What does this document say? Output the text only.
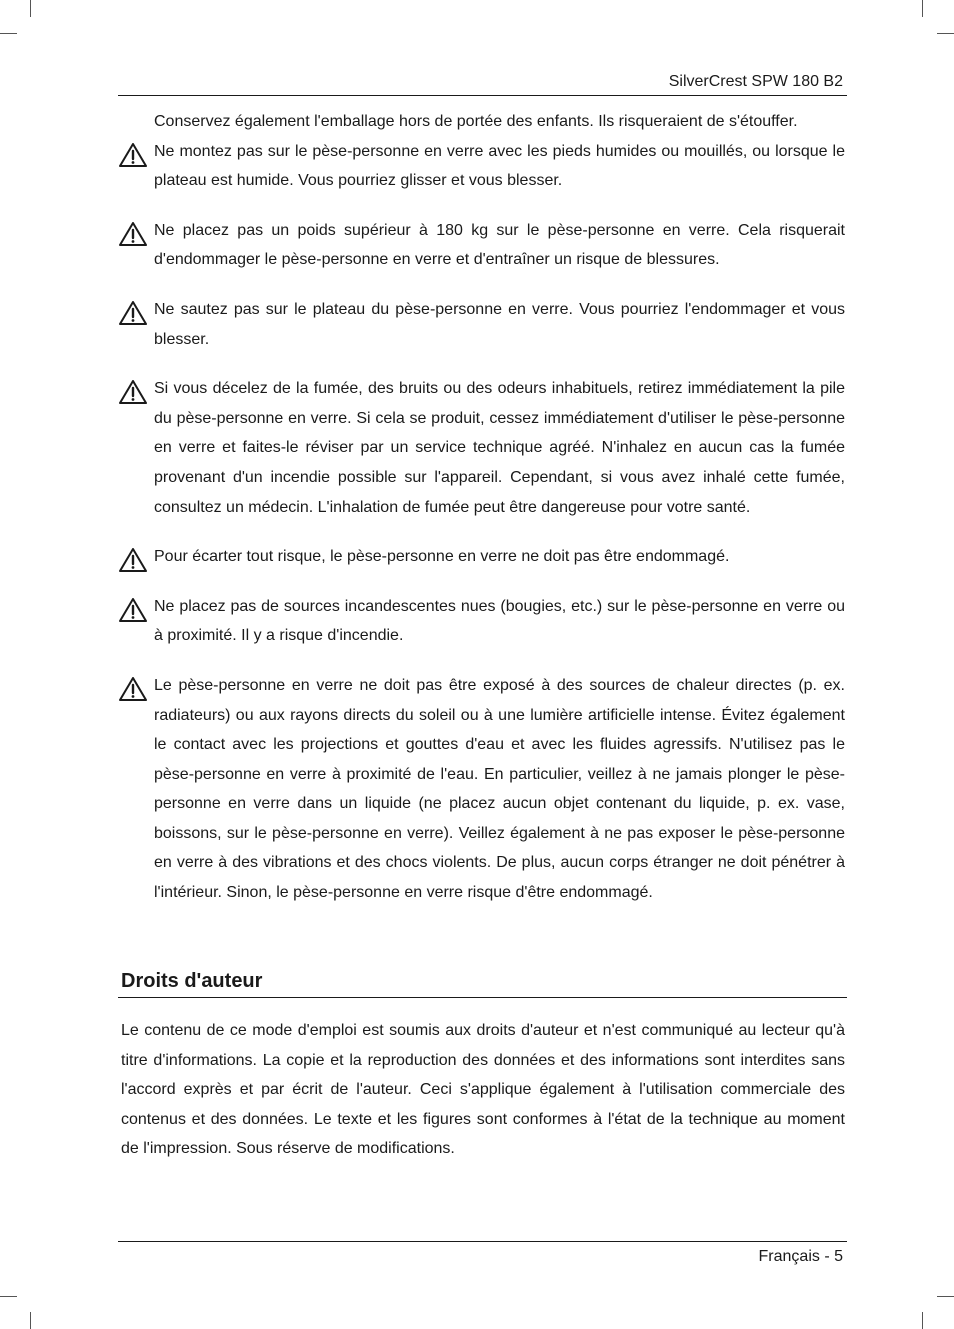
SilverCrest SPW 180 B2

Conservez également l'emballage hors de portée des enfants. Ils risqueraient de s'étouffer.

Ne montez pas sur le pèse-personne en verre avec les pieds humides ou mouillés, ou lorsque le plateau est humide. Vous pourriez glisser et vous blesser.

Ne placez pas un poids supérieur à 180 kg sur le pèse-personne en verre. Cela risquerait d'endommager le pèse-personne en verre et d'entraîner un risque de blessures.

Ne sautez pas sur le plateau du pèse-personne en verre. Vous pourriez l'endommager et vous blesser.

Si vous décelez de la fumée, des bruits ou des odeurs inhabituels, retirez immédiatement la pile du pèse-personne en verre. Si cela se produit, cessez immédiatement d'utiliser le pèse-personne en verre et faites-le réviser par un service technique agréé. N'inhalez en aucun cas la fumée provenant d'un incendie possible sur l'appareil. Cependant, si vous avez inhalé cette fumée, consultez un médecin. L'inhalation de fumée peut être dangereuse pour votre santé.

Pour écarter tout risque, le pèse-personne en verre ne doit pas être endommagé.

Ne placez pas de sources incandescentes nues (bougies, etc.) sur le pèse-personne en verre ou à proximité. Il y a risque d'incendie.

Le pèse-personne en verre ne doit pas être exposé à des sources de chaleur directes (p. ex. radiateurs) ou aux rayons directs du soleil ou à une lumière artificielle intense. Évitez également le contact avec les projections et gouttes d'eau et avec les fluides agressifs. N'utilisez pas le pèse-personne en verre à proximité de l'eau. En particulier, veillez à ne jamais plonger le pèse-personne en verre dans un liquide (ne placez aucun objet contenant du liquide, p. ex. vase, boissons, sur le pèse-personne en verre). Veillez également à ne pas exposer le pèse-personne en verre à des vibrations et des chocs violents. De plus, aucun corps étranger ne doit pénétrer à l'intérieur. Sinon, le pèse-personne en verre risque d'être endommagé.

Droits d'auteur

Le contenu de ce mode d'emploi est soumis aux droits d'auteur et n'est communiqué au lecteur qu'à titre d'informations. La copie et la reproduction des données et des informations sont interdites sans l'accord exprès et par écrit de l'auteur. Ceci s'applique également à l'utilisation commerciale des contenus et des données. Le texte et les figures sont conformes à l'état de la technique au moment de l'impression. Sous réserve de modifications.

Français - 5
